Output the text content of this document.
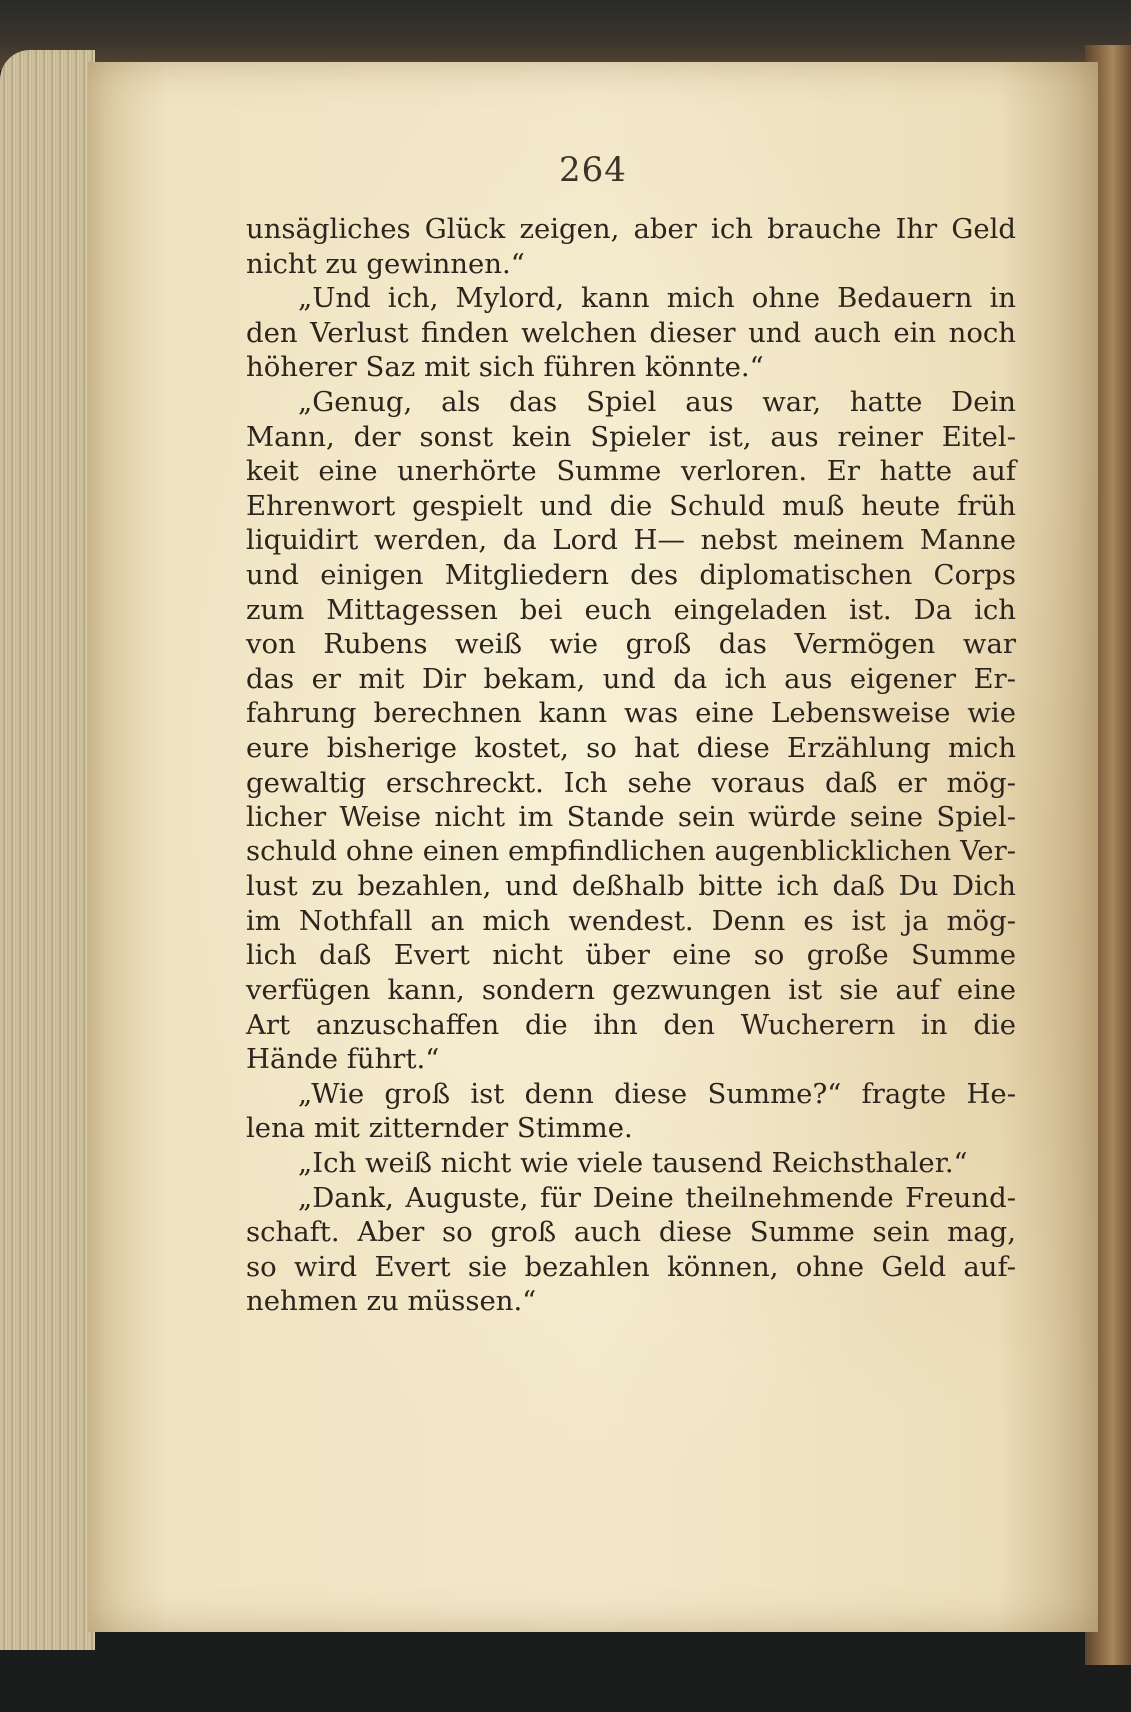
264
unsägliches Glück zeigen, aber ich brauche Ihr Geld
nicht zu gewinnen.“
„Und ich, Mylord, kann mich ohne Bedauern in
den Verlust finden welchen dieser und auch ein noch
höherer Saz mit sich führen könnte.“
„Genug, als das Spiel aus war, hatte Dein
Mann, der sonst kein Spieler ist, aus reiner Eitel-
keit eine unerhörte Summe verloren. Er hatte auf
Ehrenwort gespielt und die Schuld muß heute früh
liquidirt werden, da Lord H— nebst meinem Manne
und einigen Mitgliedern des diplomatischen Corps
zum Mittagessen bei euch eingeladen ist. Da ich
von Rubens weiß wie groß das Vermögen war
das er mit Dir bekam, und da ich aus eigener Er-
fahrung berechnen kann was eine Lebensweise wie
eure bisherige kostet, so hat diese Erzählung mich
gewaltig erschreckt. Ich sehe voraus daß er mög-
licher Weise nicht im Stande sein würde seine Spiel-
schuld ohne einen empfindlichen augenblicklichen Ver-
lust zu bezahlen, und deßhalb bitte ich daß Du Dich
im Nothfall an mich wendest. Denn es ist ja mög-
lich daß Evert nicht über eine so große Summe
verfügen kann, sondern gezwungen ist sie auf eine
Art anzuschaffen die ihn den Wucherern in die
Hände führt.“
„Wie groß ist denn diese Summe?“ fragte He-
lena mit zitternder Stimme.
„Ich weiß nicht wie viele tausend Reichsthaler.“
„Dank, Auguste, für Deine theilnehmende Freund-
schaft. Aber so groß auch diese Summe sein mag,
so wird Evert sie bezahlen können, ohne Geld auf-
nehmen zu müssen.“
